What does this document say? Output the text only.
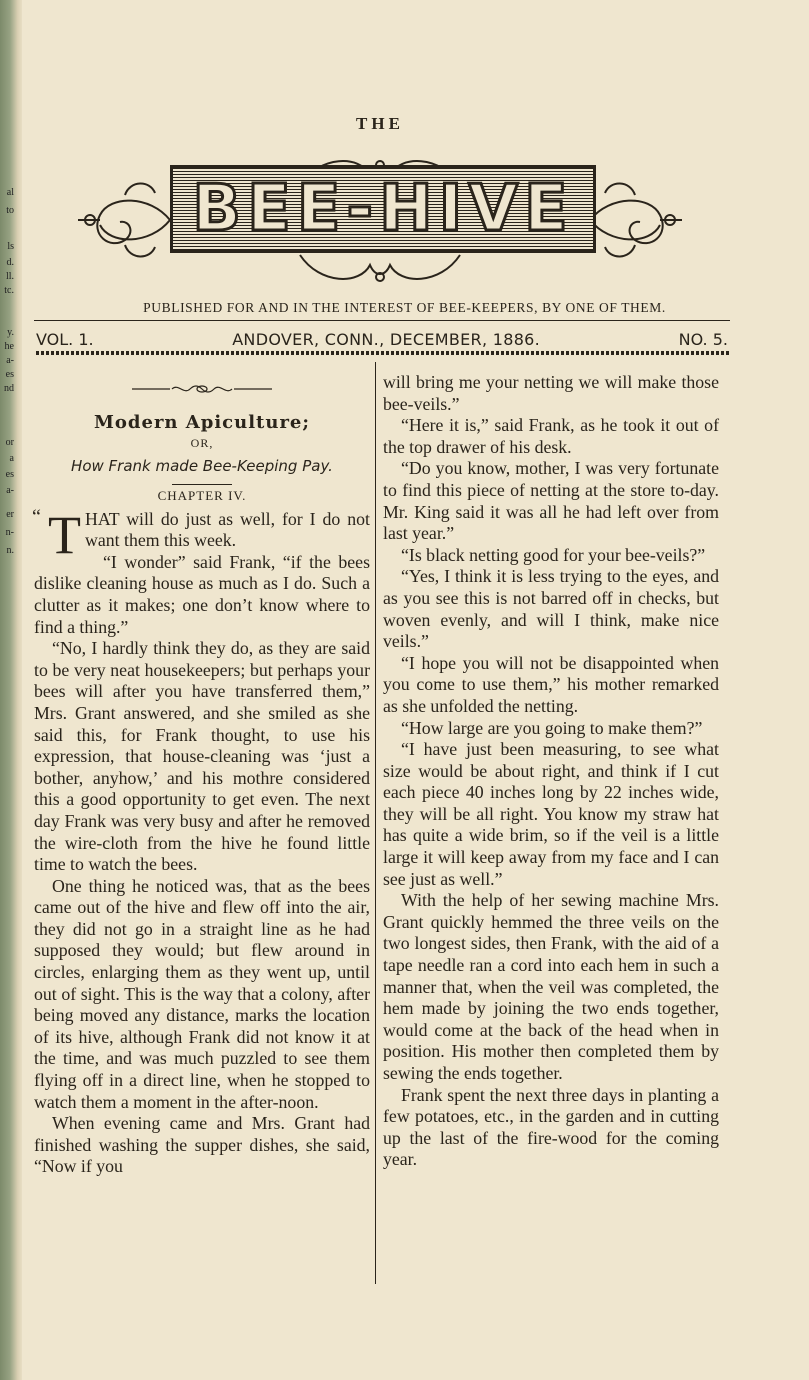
al
to
ls
d.
ll.
tc.
y.
he
a-
es
nd
or
a
es
a-
er
n-
n.
THE
BEE-HIVE
PUBLISHED FOR AND IN THE INTEREST OF BEE-KEEPERS, BY ONE OF THEM.
VOL. 1.	ANDOVER, CONN., DECEMBER, 1886.	NO. 5.
Modern Apiculture;
OR,
How Frank made Bee-Keeping Pay.
CHAPTER IV.

“ T HAT will do just as well, for I do not want them this week.

“I wonder” said Frank, “if the bees dislike cleaning house as much as I do. Such a clutter as it makes; one don’t know where to find a thing.”

“No, I hardly think they do, as they are said to be very neat housekeepers; but perhaps your bees will after you have transferred them,” Mrs. Grant answered, and she smiled as she said this, for Frank thought, to use his expression, that house-cleaning was ‘just a bother, anyhow,’ and his mothre considered this a good opportunity to get even. The next day Frank was very busy and after he removed the wire-cloth from the hive he found little time to watch the bees.

One thing he noticed was, that as the bees came out of the hive and flew off into the air, they did not go in a straight line as he had supposed they would; but flew around in circles, enlarging them as they went up, until out of sight. This is the way that a colony, after being moved any distance, marks the location of its hive, although Frank did not know it at the time, and was much puzzled to see them flying off in a direct line, when he stopped to watch them a moment in the after-noon.

When evening came and Mrs. Grant had finished washing the supper dishes, she said, “Now if you

will bring me your netting we will make those bee-veils.”

“Here it is,” said Frank, as he took it out of the top drawer of his desk.

“Do you know, mother, I was very fortunate to find this piece of netting at the store to-day. Mr. King said it was all he had left over from last year.”

“Is black netting good for your bee-veils?”

“Yes, I think it is less trying to the eyes, and as you see this is not barred off in checks, but woven evenly, and will I think, make nice veils.”

“I hope you will not be disappointed when you come to use them,” his mother remarked as she unfolded the netting.

“How large are you going to make them?”

“I have just been measuring, to see what size would be about right, and think if I cut each piece 40 inches long by 22 inches wide, they will be all right. You know my straw hat has quite a wide brim, so if the veil is a little large it will keep away from my face and I can see just as well.”

With the help of her sewing machine Mrs. Grant quickly hemmed the three veils on the two longest sides, then Frank, with the aid of a tape needle ran a cord into each hem in such a manner that, when the veil was completed, the hem made by joining the two ends together, would come at the back of the head when in position. His mother then completed them by sewing the ends together.

Frank spent the next three days in planting a few potatoes, etc., in the garden and in cutting up the last of the fire-wood for the coming year.
